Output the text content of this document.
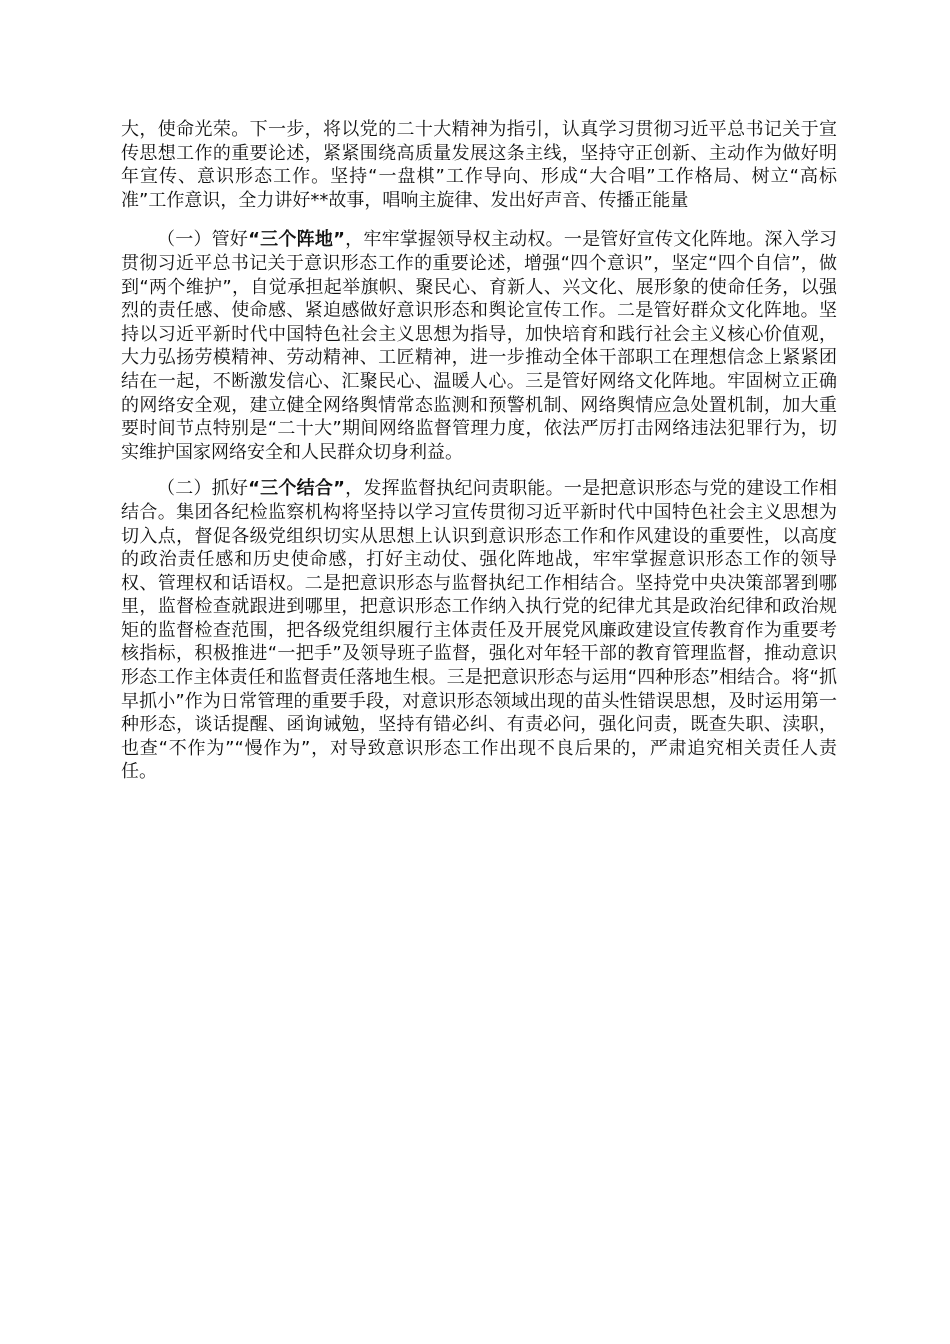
大，使命光荣。下一步，将以党的二十大精神为指引，认真学习贯彻习近平总书记关于宣传思想工作的重要论述，紧紧围绕高质量发展这条主线，坚持守正创新、主动作为做好明年宣传、意识形态工作。坚持“一盘棋”工作导向、形成“大合唱”工作格局、树立“高标准”工作意识，全力讲好**故事，唱响主旋律、发出好声音、传播正能量

（一）管好“三个阵地”，牢牢掌握领导权主动权。一是管好宣传文化阵地。深入学习贯彻习近平总书记关于意识形态工作的重要论述，增强“四个意识”，坚定“四个自信”，做到“两个维护”，自觉承担起举旗帜、聚民心、育新人、兴文化、展形象的使命任务，以强烈的责任感、使命感、紧迫感做好意识形态和舆论宣传工作。二是管好群众文化阵地。坚持以习近平新时代中国特色社会主义思想为指导，加快培育和践行社会主义核心价值观，大力弘扬劳模精神、劳动精神、工匠精神，进一步推动全体干部职工在理想信念上紧紧团结在一起，不断激发信心、汇聚民心、温暖人心。三是管好网络文化阵地。牢固树立正确的网络安全观，建立健全网络舆情常态监测和预警机制、网络舆情应急处置机制，加大重要时间节点特别是“二十大”期间网络监督管理力度，依法严厉打击网络违法犯罪行为，切实维护国家网络安全和人民群众切身利益。

（二）抓好“三个结合”，发挥监督执纪问责职能。一是把意识形态与党的建设工作相结合。集团各纪检监察机构将坚持以学习宣传贯彻习近平新时代中国特色社会主义思想为切入点，督促各级党组织切实从思想上认识到意识形态工作和作风建设的重要性，以高度的政治责任感和历史使命感，打好主动仗、强化阵地战，牢牢掌握意识形态工作的领导权、管理权和话语权。二是把意识形态与监督执纪工作相结合。坚持党中央决策部署到哪里，监督检查就跟进到哪里，把意识形态工作纳入执行党的纪律尤其是政治纪律和政治规矩的监督检查范围，把各级党组织履行主体责任及开展党风廉政建设宣传教育作为重要考核指标，积极推进“一把手”及领导班子监督，强化对年轻干部的教育管理监督，推动意识形态工作主体责任和监督责任落地生根。三是把意识形态与运用“四种形态”相结合。将“抓早抓小”作为日常管理的重要手段，对意识形态领域出现的苗头性错误思想，及时运用第一种形态，谈话提醒、函询诫勉，坚持有错必纠、有责必问，强化问责，既查失职、渎职，也查“不作为”“慢作为”，对导致意识形态工作出现不良后果的，严肃追究相关责任人责任。
